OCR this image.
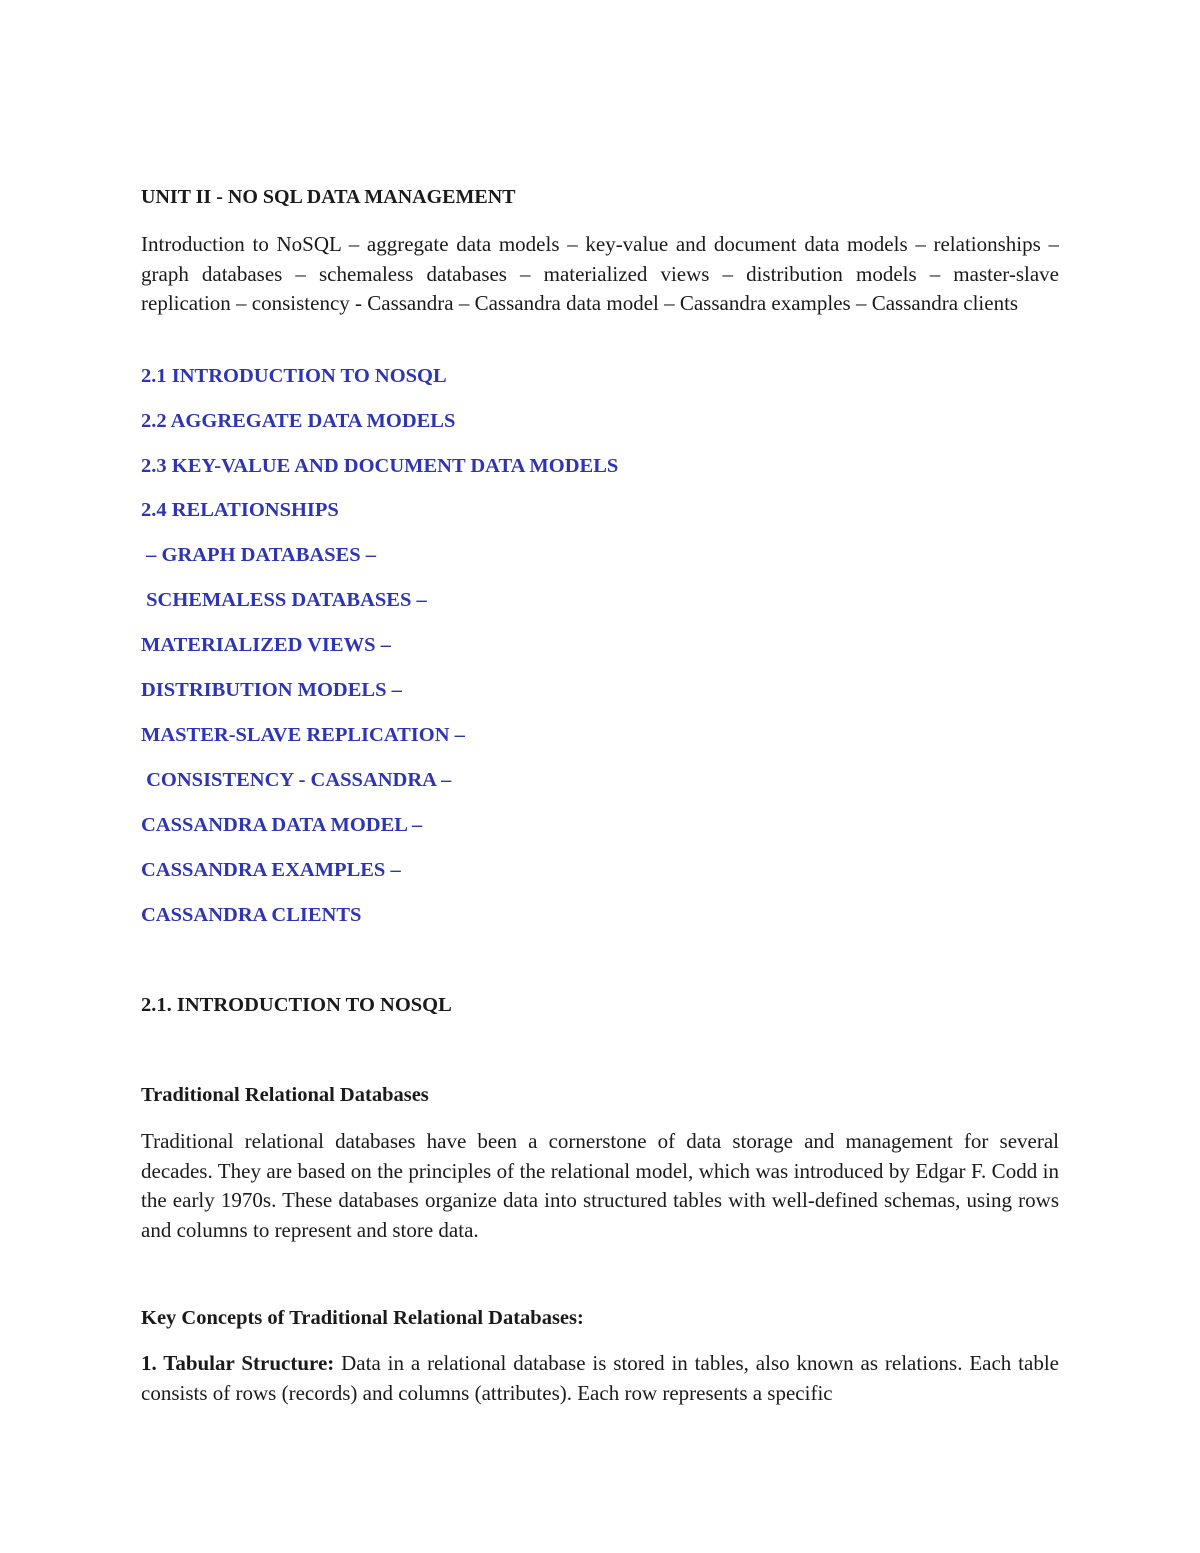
UNIT II - NO SQL DATA MANAGEMENT

Introduction to NoSQL – aggregate data models – key-value and document data models – relationships – graph databases – schemaless databases – materialized views – distribution models – master-slave replication – consistency - Cassandra – Cassandra data model – Cassandra examples – Cassandra clients

2.1 INTRODUCTION TO NOSQL

2.2 AGGREGATE DATA MODELS

2.3 KEY-VALUE AND DOCUMENT DATA MODELS

2.4 RELATIONSHIPS

– GRAPH DATABASES –

SCHEMALESS DATABASES –

MATERIALIZED VIEWS –

DISTRIBUTION MODELS –

MASTER-SLAVE REPLICATION –

CONSISTENCY - CASSANDRA –

CASSANDRA DATA MODEL –

CASSANDRA EXAMPLES –

CASSANDRA CLIENTS

2.1. INTRODUCTION TO NOSQL

Traditional Relational Databases

Traditional relational databases have been a cornerstone of data storage and management for several decades. They are based on the principles of the relational model, which was introduced by Edgar F. Codd in the early 1970s. These databases organize data into structured tables with well-defined schemas, using rows and columns to represent and store data.

Key Concepts of Traditional Relational Databases:

1. Tabular Structure: Data in a relational database is stored in tables, also known as relations. Each table consists of rows (records) and columns (attributes). Each row represents a specific
